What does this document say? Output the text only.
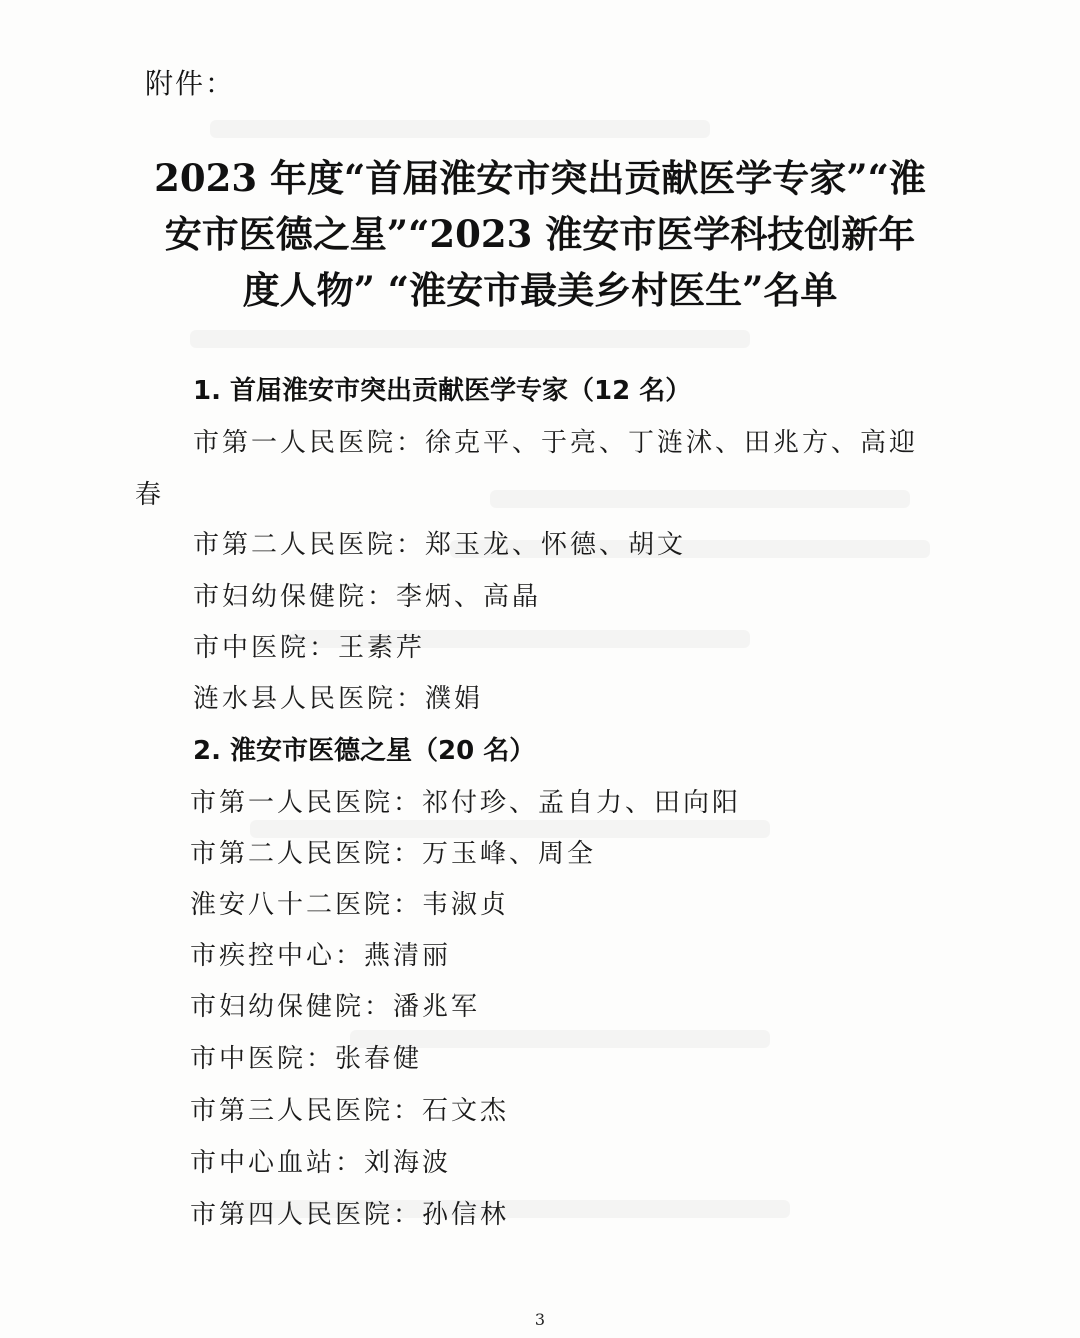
附件：

2023 年度“首届淮安市突出贡献医学专家”“淮
安市医德之星”“2023 淮安市医学科技创新年
度人物” “淮安市最美乡村医生”名单
1. 首届淮安市突出贡献医学专家（12 名）

市第一人民医院：徐克平、于亮、丁涟沭、田兆方、高迎

春

市第二人民医院：郑玉龙、怀德、胡文

市妇幼保健院：李炳、高晶

市中医院：王素芹

涟水县人民医院：濮娟

2. 淮安市医德之星（20 名）

市第一人民医院：祁付珍、孟自力、田向阳

市第二人民医院：万玉峰、周全

淮安八十二医院：韦淑贞

市疾控中心：燕清丽

市妇幼保健院：潘兆军

市中医院：张春健

市第三人民医院：石文杰

市中心血站：刘海波

市第四人民医院：孙信林

3
